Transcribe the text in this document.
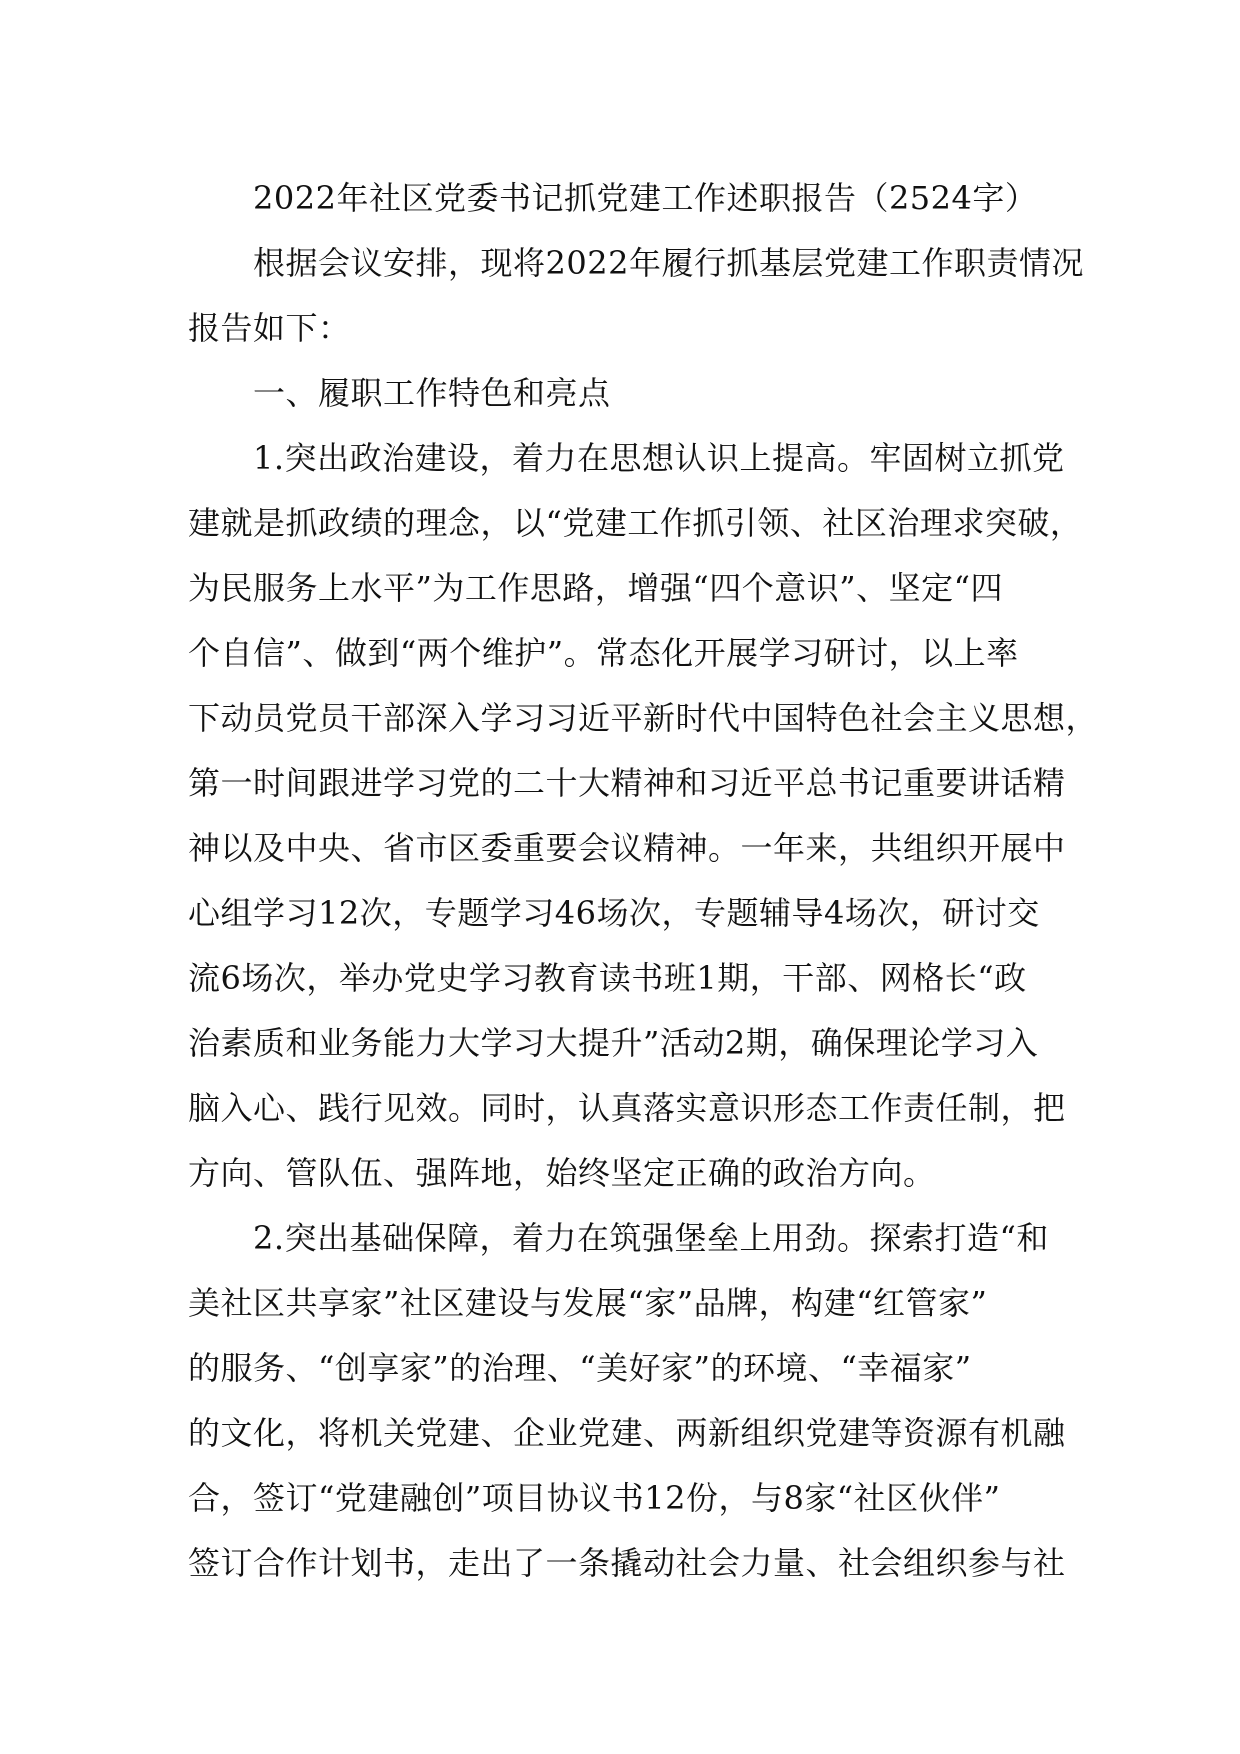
2022年社区党委书记抓党建工作述职报告（2524字）
根据会议安排，现将2022年履行抓基层党建工作职责情况
报告如下：
一、履职工作特色和亮点
1.突出政治建设，着力在思想认识上提高。牢固树立抓党
建就是抓政绩的理念，以“党建工作抓引领、社区治理求突破，
为民服务上水平”为工作思路，增强“四个意识”、坚定“四
个自信”、做到“两个维护”。常态化开展学习研讨，以上率
下动员党员干部深入学习习近平新时代中国特色社会主义思想，
第一时间跟进学习党的二十大精神和习近平总书记重要讲话精
神以及中央、省市区委重要会议精神。一年来，共组织开展中
心组学习12次，专题学习46场次，专题辅导4场次，研讨交
流6场次，举办党史学习教育读书班1期，干部、网格长“政
治素质和业务能力大学习大提升”活动2期，确保理论学习入
脑入心、践行见效。同时，认真落实意识形态工作责任制，把
方向、管队伍、强阵地，始终坚定正确的政治方向。
2.突出基础保障，着力在筑强堡垒上用劲。探索打造“和
美社区共享家”社区建设与发展“家”品牌，构建“红管家”
的服务、“创享家”的治理、“美好家”的环境、“幸福家”
的文化，将机关党建、企业党建、两新组织党建等资源有机融
合，签订“党建融创”项目协议书12份，与8家“社区伙伴”
签订合作计划书，走出了一条撬动社会力量、社会组织参与社
